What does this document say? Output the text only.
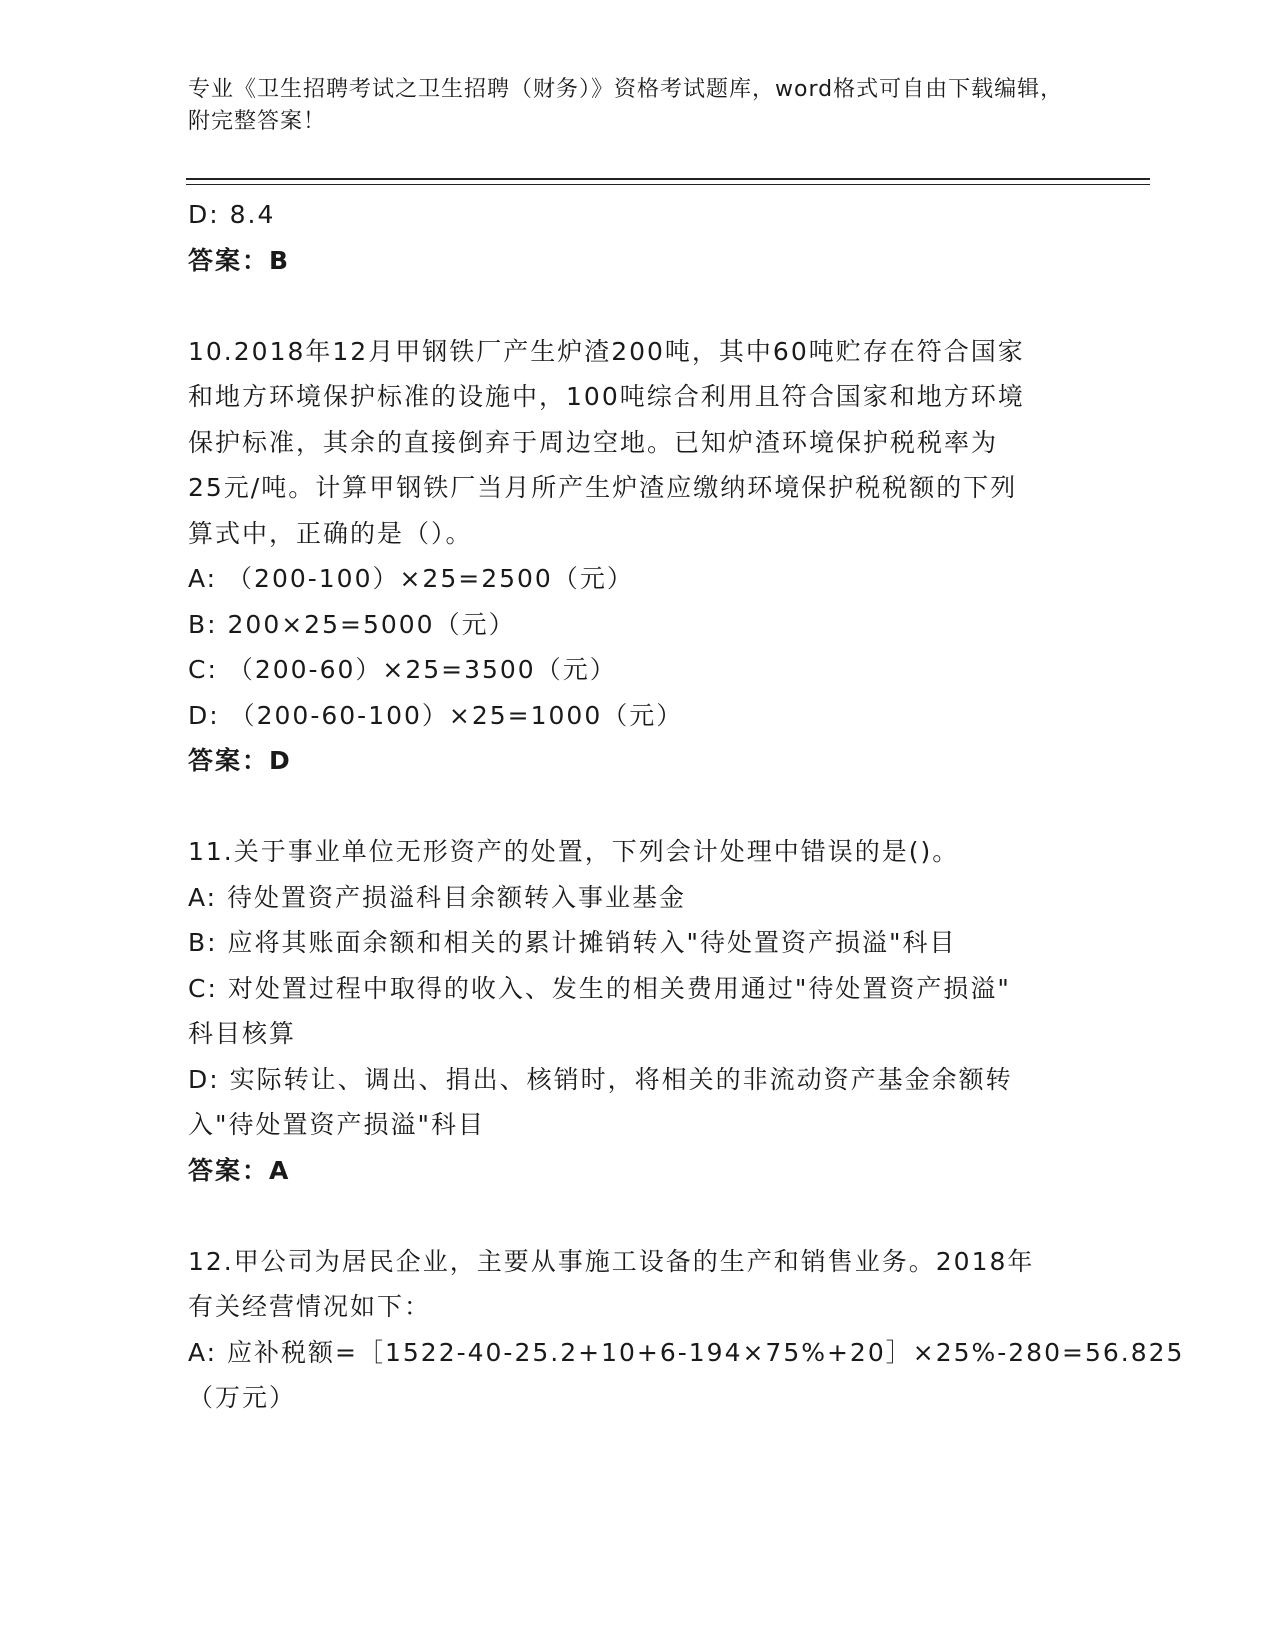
专业《卫生招聘考试之卫生招聘（财务）》资格考试题库，word格式可自由下载编辑，附完整答案！
D: 8.4
答案：B
10.2018年12月甲钢铁厂产生炉渣200吨，其中60吨贮存在符合国家
和地方环境保护标准的设施中，100吨综合利用且符合国家和地方环境
保护标准，其余的直接倒弃于周边空地。已知炉渣环境保护税税率为
25元/吨。计算甲钢铁厂当月所产生炉渣应缴纳环境保护税税额的下列
算式中，正确的是（）。
A: （200-100）×25=2500（元）
B: 200×25=5000（元）
C: （200-60）×25=3500（元）
D: （200-60-100）×25=1000（元）
答案：D
11.关于事业单位无形资产的处置，下列会计处理中错误的是()。
A: 待处置资产损溢科目余额转入事业基金
B: 应将其账面余额和相关的累计摊销转入"待处置资产损溢"科目
C: 对处置过程中取得的收入、发生的相关费用通过"待处置资产损溢"
科目核算
D: 实际转让、调出、捐出、核销时，将相关的非流动资产基金余额转
入"待处置资产损溢"科目
答案：A
12.甲公司为居民企业，主要从事施工设备的生产和销售业务。2018年
有关经营情况如下：
A: 应补税额=［1522-40-25.2+10+6-194×75%+20］×25%-280=56.825
（万元）
